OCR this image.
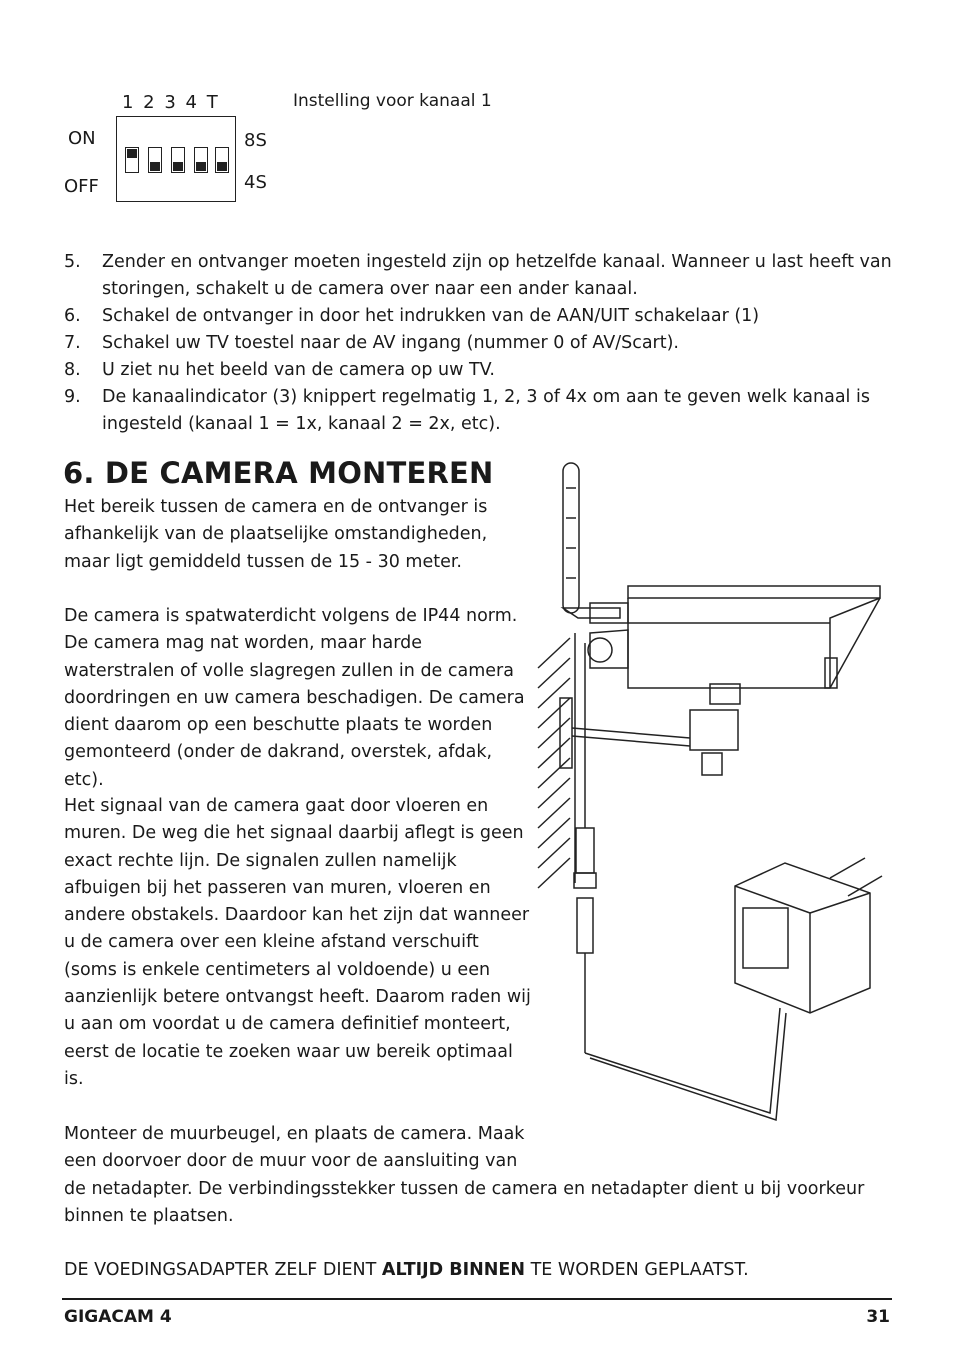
1 2 3 4 T
ON
OFF
8S
4S
Instelling voor kanaal 1
5. Zender en ontvanger moeten ingesteld zijn op hetzelfde kanaal. Wanneer u last heeft van storingen, schakelt u de camera over naar een ander kanaal.
6. Schakel de ontvanger in door het indrukken van de AAN/UIT schakelaar (1)
7. Schakel uw TV toestel naar de AV ingang (nummer 0 of AV/Scart).
8. U ziet nu het beeld van de camera op uw TV.
9. De kanaalindicator (3) knippert regelmatig 1, 2, 3 of 4x om aan te geven welk kanaal is ingesteld (kanaal 1 = 1x, kanaal 2 = 2x, etc).
6. DE CAMERA MONTEREN

Het bereik tussen de camera en de ontvanger is afhankelijk van de plaatselijke omstandigheden, maar ligt gemiddeld tussen de 15 - 30 meter.

De camera is spatwaterdicht volgens de IP44 norm. De camera mag nat worden, maar harde waterstralen of volle slagregen zullen in de camera doordringen en uw camera beschadigen. De camera dient daarom op een beschutte plaats te worden gemonteerd (onder de dakrand, overstek, afdak, etc).

Het signaal van de camera gaat door vloeren en muren. De weg die het signaal daarbij aflegt is geen exact rechte lijn. De signalen zullen namelijk afbuigen bij het passeren van muren, vloeren en andere obstakels. Daardoor kan het zijn dat wanneer u de camera over een kleine afstand verschuift (soms is enkele centimeters al voldoende) u een aanzienlijk betere ontvangst heeft. Daarom raden wij u aan om voordat u de camera definitief monteert, eerst de locatie te zoeken waar uw bereik optimaal is.

Monteer de muurbeugel, en plaats de camera. Maak een doorvoer door de muur voor de aansluiting van
de netadapter. De verbindingsstekker tussen de camera en netadapter dient u bij voorkeur binnen te plaatsen.

DE VOEDINGSADAPTER ZELF DIENT ALTIJD BINNEN TE WORDEN GEPLAATST.

GIGACAM 4	31
